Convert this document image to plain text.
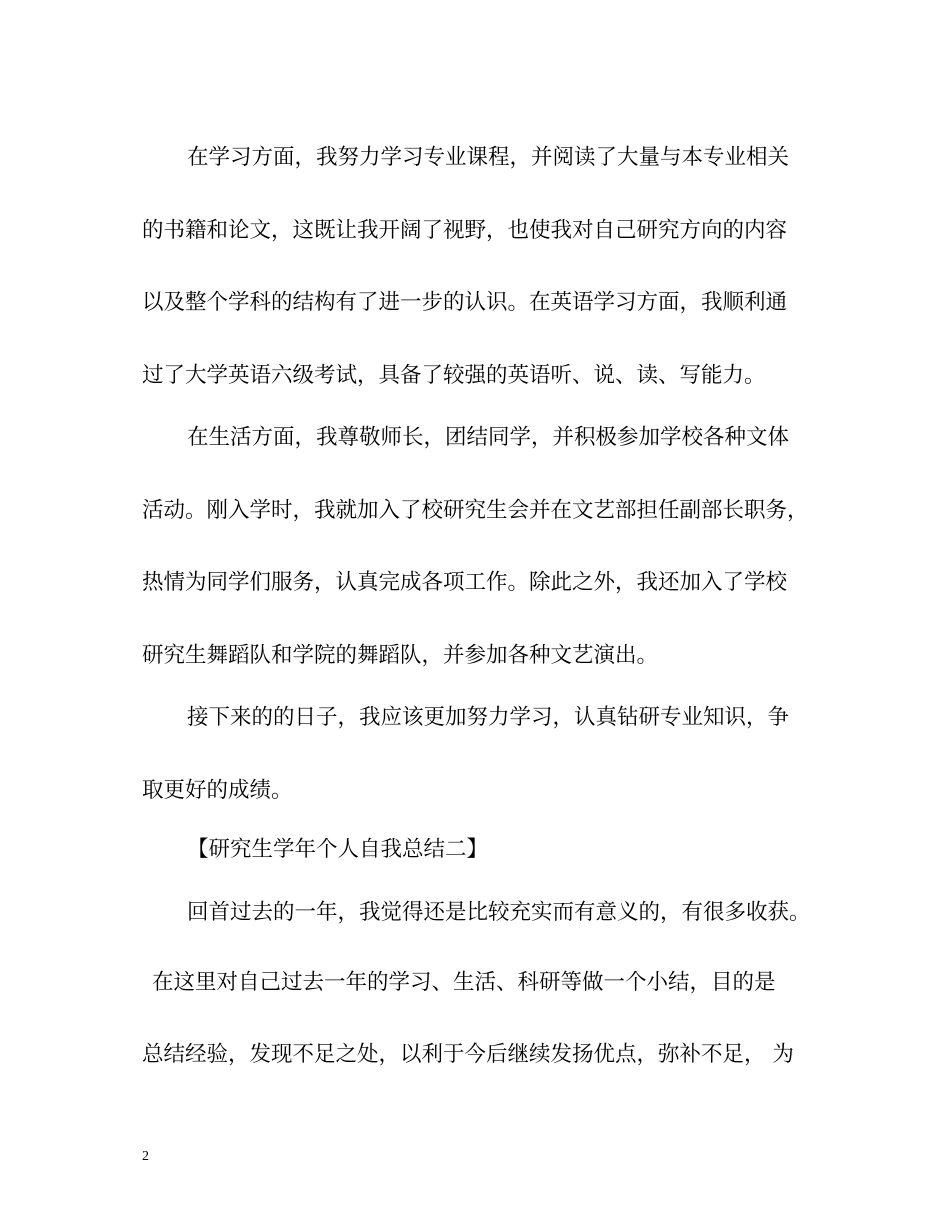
在学习方面，我努力学习专业课程，并阅读了大量与本专业相关
的书籍和论文，这既让我开阔了视野，也使我对自己研究方向的内容
以及整个学科的结构有了进一步的认识。在英语学习方面，我顺利通
过了大学英语六级考试，具备了较强的英语听、说、读、写能力。
在生活方面，我尊敬师长，团结同学，并积极参加学校各种文体
活动。刚入学时，我就加入了校研究生会并在文艺部担任副部长职务，
热情为同学们服务，认真完成各项工作。除此之外，我还加入了学校
研究生舞蹈队和学院的舞蹈队，并参加各种文艺演出。
接下来的的日子，我应该更加努力学习，认真钻研专业知识，争
取更好的成绩。
【研究生学年个人自我总结二】
回首过去的一年，我觉得还是比较充实而有意义的，有很多收获。
在这里对自己过去一年的学习、生活、科研等做一个小结，目的是
总结经验，发现不足之处，以利于今后继续发扬优点，弥补不足， 为
2
